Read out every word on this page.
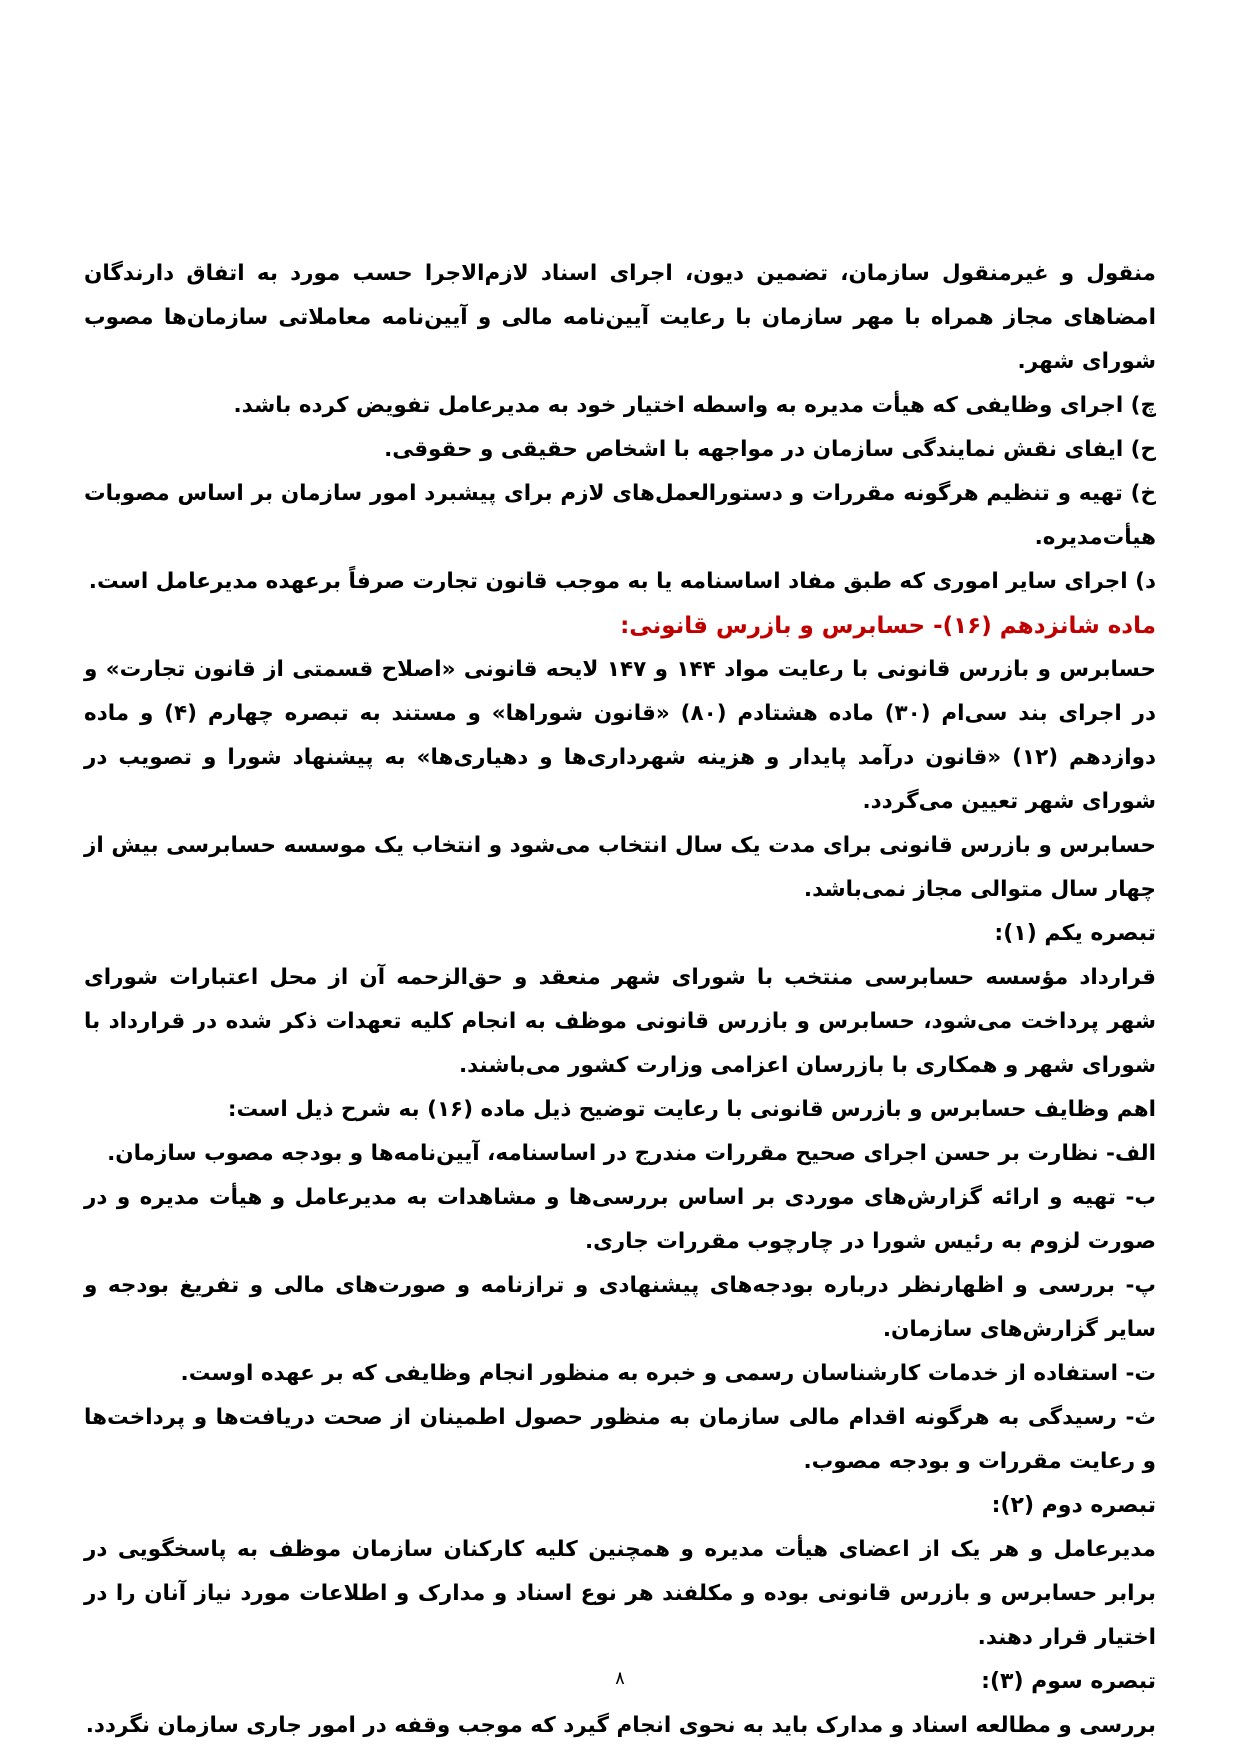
منقول و غیرمنقول سازمان، تضمین دیون، اجرای اسناد لازم‌الاجرا حسب مورد به اتفاق دارندگان امضاهای مجاز همراه با مهر سازمان با رعایت آیین‌نامه مالی و آیین‌نامه معاملاتی سازمان‌ها مصوب شورای شهر.

چ) اجرای وظایفی که هیأت مدیره به واسطه اختیار خود به مدیرعامل تفویض کرده باشد.

ح) ایفای نقش نمایندگی سازمان در مواجهه با اشخاص حقیقی و حقوقی.

خ) تهیه و تنظیم هرگونه مقررات و دستورالعمل‌های لازم برای پیشبرد امور سازمان بر اساس مصوبات هیأت‌مدیره.

د) اجرای سایر اموری که طبق مفاد اساسنامه یا به موجب قانون تجارت صرفاً برعهده مدیرعامل است.

ماده شانزدهم (۱۶)- حسابرس و بازرس قانونی:

حسابرس و بازرس قانونی با رعایت مواد ۱۴۴ و ۱۴۷ لایحه قانونی «اصلاح قسمتی از قانون تجارت» و در اجرای بند سی‌ام (۳۰) ماده هشتادم (۸۰) «قانون شوراها» و مستند به تبصره چهارم (۴) و ماده دوازدهم (۱۲) «قانون درآمد پایدار و هزینه شهرداری‌ها و دهیاری‌ها» به پیشنهاد شورا و تصویب در شورای شهر تعیین می‌گردد.

حسابرس و بازرس قانونی برای مدت یک سال انتخاب می‌شود و انتخاب یک موسسه حسابرسی بیش از چهار سال متوالی مجاز نمی‌باشد.

تبصره یکم (۱):

قرارداد مؤسسه حسابرسی منتخب با شورای شهر منعقد و حق‌الزحمه آن از محل اعتبارات شورای شهر پرداخت می‌شود، حسابرس و بازرس قانونی موظف به انجام کلیه تعهدات ذکر شده در قرارداد با شورای شهر و همکاری با بازرسان اعزامی وزارت کشور می‌باشند.

اهم وظایف حسابرس و بازرس قانونی با رعایت توضیح ذیل ماده (۱۶) به شرح ذیل است:

الف- نظارت بر حسن اجرای صحیح مقررات مندرج در اساسنامه، آیین‌نامه‌ها و بودجه مصوب سازمان.

ب- تهیه و ارائه گزارش‌های موردی بر اساس بررسی‌ها و مشاهدات به مدیرعامل و هیأت مدیره و در صورت لزوم به رئیس شورا در چارچوب مقررات جاری.

پ- بررسی و اظهارنظر درباره بودجه‌های پیشنهادی و ترازنامه و صورت‌های مالی و تفریغ بودجه و سایر گزارش‌های سازمان.

ت- استفاده از خدمات کارشناسان رسمی و خبره به منظور انجام وظایفی که بر عهده اوست.

ث- رسیدگی به هرگونه اقدام مالی سازمان به منظور حصول اطمینان از صحت دریافت‌ها و پرداخت‌ها و رعایت مقررات و بودجه مصوب.

تبصره دوم (۲):

مدیرعامل و هر یک از اعضای هیأت مدیره و همچنین کلیه کارکنان سازمان موظف به پاسخگویی در برابر حسابرس و بازرس قانونی بوده و مکلفند هر نوع اسناد و مدارک و اطلاعات مورد نیاز آنان را در اختیار قرار دهند.

تبصره سوم (۳):

بررسی و مطالعه اسناد و مدارک باید به نحوی انجام گیرد که موجب وقفه در امور جاری سازمان نگردد.

۸
